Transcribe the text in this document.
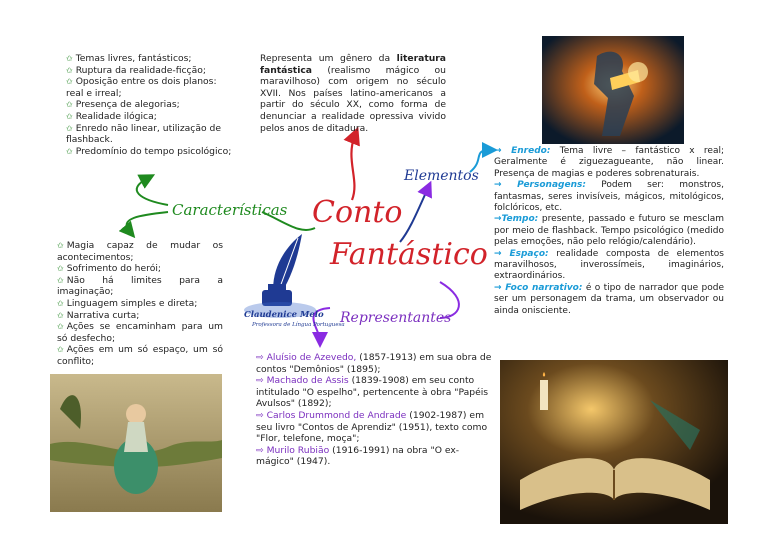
✩ Temas livres, fantásticos;

✩ Ruptura da realidade-ficção;

✩ Oposição entre os dois planos: real e irreal;

✩ Presença de alegorias;

✩ Realidade ilógica;

✩ Enredo não linear, utilização de flashback.

✩ Predomínio do tempo psicológico;

Representa um gênero da literatura fantástica (realismo mágico ou maravilhoso) com origem no século XVII. Nos países latino-americanos a partir do século XX, como forma de denunciar a realidade opressiva vivido pelos anos de ditadura.
Conto
Fantástico
Características
Elementos
Representantes
Claudenice Melo
Professora de Língua Portuguesa

→ Enredo: Tema livre – fantástico x real; Geralmente é ziguezagueante, não linear. Presença de magias e poderes sobrenaturais.

→ Personagens: Podem ser: monstros, fantasmas, seres invisíveis, mágicos, mitológicos, folclóricos, etc.

→Tempo: presente, passado e futuro se mesclam por meio de flashback. Tempo psicológico (medido pelas emoções, não pelo relógio/calendário).

→ Espaço: realidade composta de elementos maravilhosos, inverossímeis, imaginários, extraordinários.

→ Foco narrativo: é o tipo de narrador que pode ser um personagem da trama, um observador ou ainda onisciente.

✩ Magia capaz de mudar os acontecimentos;

✩ Sofrimento do herói;

✩ Não há limites para a imaginação;

✩ Linguagem simples e direta;

✩ Narrativa curta;

✩ Ações se encaminham para um só desfecho;

✩ Ações em um só espaço, um só conflito;	⇨ Aluísio de Azevedo, (1857-1913) em sua obra de contos "Demônios" (1895);

⇨ Machado de Assis (1839-1908) em seu conto intitulado "O espelho", pertencente à obra "Papéis Avulsos" (1892);

⇨ Carlos Drummond de Andrade (1902-1987) em seu livro "Contos de Aprendiz" (1951), texto como "Flor, telefone, moça";

⇨ Murilo Rubião (1916-1991) na obra "O ex-mágico" (1947).
